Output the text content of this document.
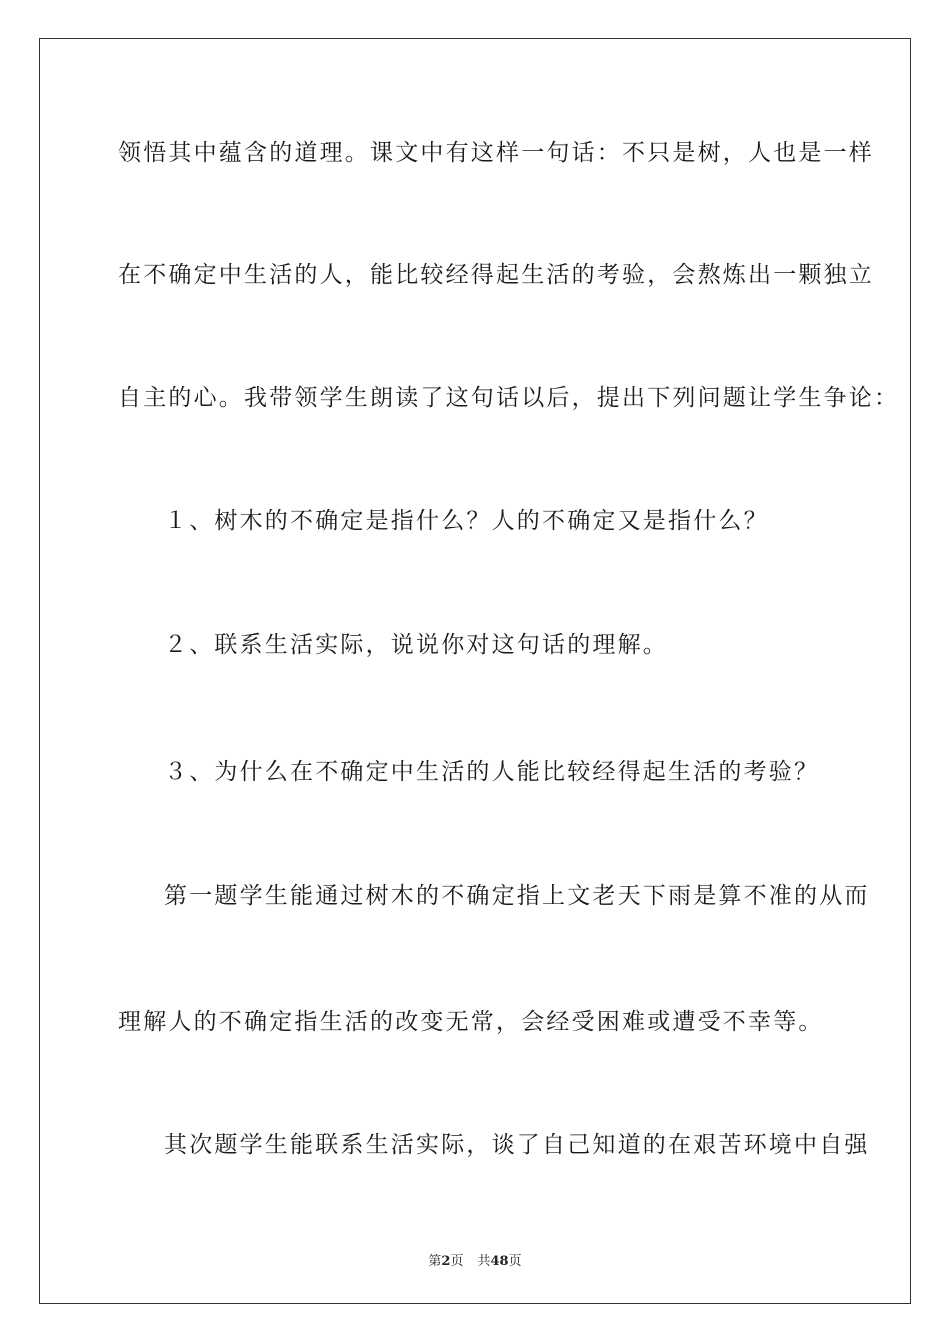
领悟其中蕴含的道理。课文中有这样一句话：不只是树，人也是一样
在不确定中生活的人，能比较经得起生活的考验，会熬炼出一颗独立
自主的心。我带领学生朗读了这句话以后，提出下列问题让学生争论：
１、树木的不确定是指什么？人的不确定又是指什么？
２、联系生活实际，说说你对这句话的理解。
３、为什么在不确定中生活的人能比较经得起生活的考验？
第一题学生能通过树木的不确定指上文老天下雨是算不准的从而
理解人的不确定指生活的改变无常，会经受困难或遭受不幸等。
其次题学生能联系生活实际，谈了自己知道的在艰苦环境中自强
第2页 共48页
